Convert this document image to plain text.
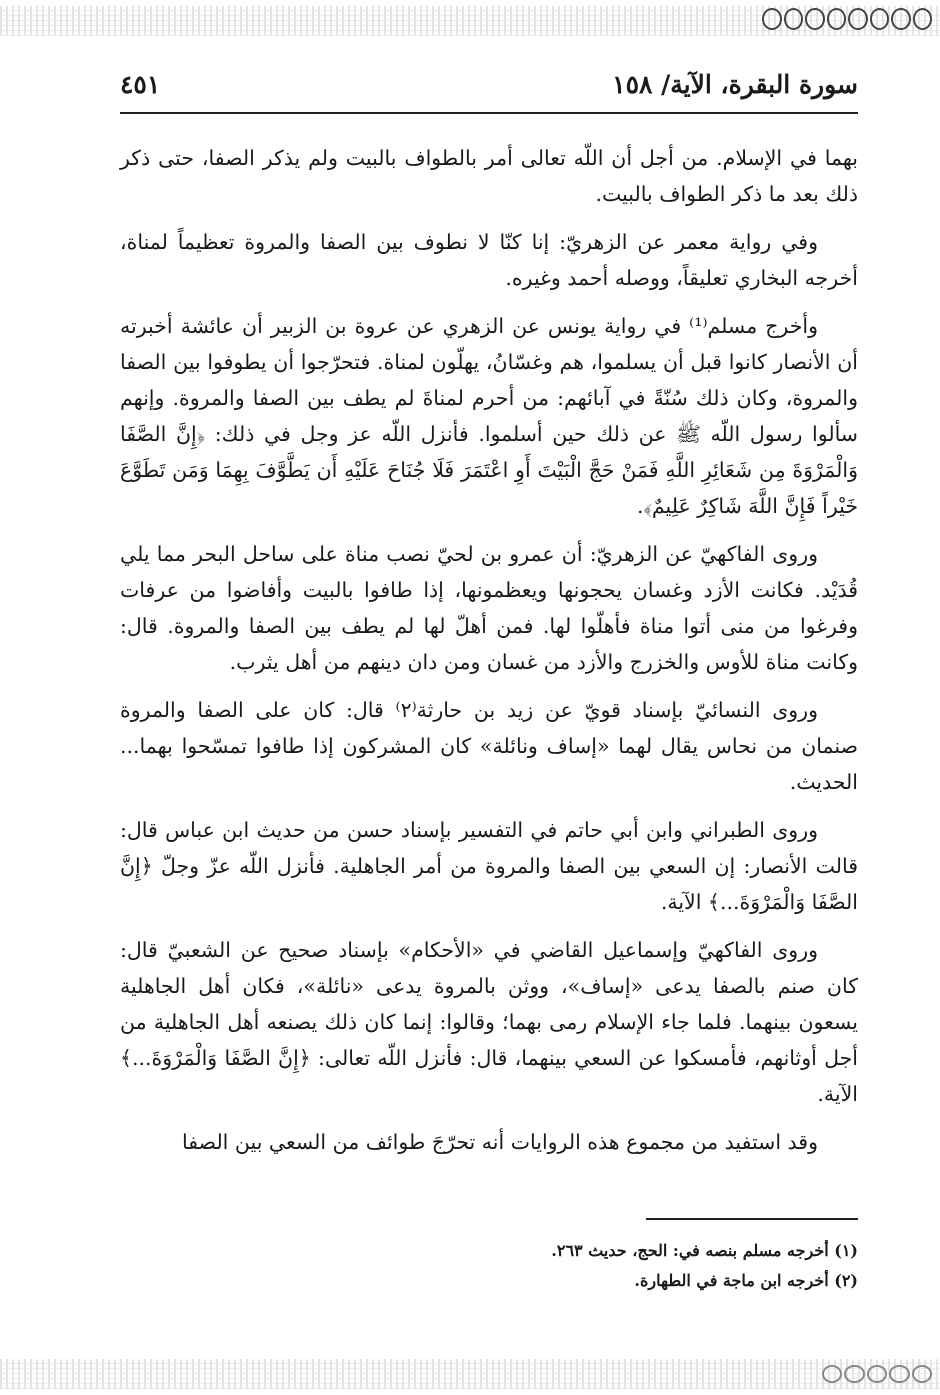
سورة البقرة، الآية/ ١٥٨
٤٥١

بهما في الإسلام. من أجل أن اللّه تعالى أمر بالطواف بالبيت ولم يذكر الصفا، حتى ذكر ذلك بعد ما ذكر الطواف بالبيت.

وفي رواية معمر عن الزهريّ: إنا كنّا لا نطوف بين الصفا والمروة تعظيماً لمناة، أخرجه البخاري تعليقاً، ووصله أحمد وغيره.

وأخرج مسلم⁽¹⁾ في رواية يونس عن الزهري عن عروة بن الزبير أن عائشة أخبرته أن الأنصار كانوا قبل أن يسلموا، هم وغسّانُ، يهلّون لمناة. فتحرّجوا أن يطوفوا بين الصفا والمروة، وكان ذلك سُنّةً في آبائهم: من أحرم لمناةَ لم يطف بين الصفا والمروة. وإنهم سألوا رسول اللّه ﷺ عن ذلك حين أسلموا. فأنزل اللّه عز وجل في ذلك: ﴿إِنَّ الصَّفَا وَالْمَرْوَةَ مِن شَعَائِرِ اللَّهِ فَمَنْ حَجَّ الْبَيْتَ أَوِ اعْتَمَرَ فَلَا جُنَاحَ عَلَيْهِ أَن يَطَّوَّفَ بِهِمَا وَمَن تَطَوَّعَ خَيْراً فَإِنَّ اللَّهَ شَاكِرٌ عَلِيمٌ﴾.

وروى الفاكهيّ عن الزهريّ: أن عمرو بن لحيّ نصب مناة على ساحل البحر مما يلي قُدَيْد. فكانت الأزد وغسان يحجونها ويعظمونها، إذا طافوا بالبيت وأفاضوا من عرفات وفرغوا من منى أتوا مناة فأهلّوا لها. فمن أهلّ لها لم يطف بين الصفا والمروة. قال: وكانت مناة للأوس والخزرج والأزد من غسان ومن دان دينهم من أهل يثرب.

وروى النسائيّ بإسناد قويّ عن زيد بن حارثة⁽٢⁾ قال: كان على الصفا والمروة صنمان من نحاس يقال لهما «إساف ونائلة» كان المشركون إذا طافوا تمسّحوا بهما... الحديث.

وروى الطبراني وابن أبي حاتم في التفسير بإسناد حسن من حديث ابن عباس قال: قالت الأنصار: إن السعي بين الصفا والمروة من أمر الجاهلية. فأنزل اللّه عزّ وجلّ ﴿إِنَّ الصَّفَا وَالْمَرْوَةَ...﴾ الآية.

وروى الفاكهيّ وإسماعيل القاضي في «الأحكام» بإسناد صحيح عن الشعبيّ قال: كان صنم بالصفا يدعى «إساف»، ووثن بالمروة يدعى «نائلة»، فكان أهل الجاهلية يسعون بينهما. فلما جاء الإسلام رمى بهما؛ وقالوا: إنما كان ذلك يصنعه أهل الجاهلية من أجل أوثانهم، فأمسكوا عن السعي بينهما، قال: فأنزل اللّه تعالى: ﴿إِنَّ الصَّفَا وَالْمَرْوَةَ...﴾ الآية.

وقد استفيد من مجموع هذه الروايات أنه تحرّجَ طوائف من السعي بين الصفا

(١) أخرجه مسلم بنصه في: الحج، حديث ٢٦٣.

(٢) أخرجه ابن ماجة في الطهارة.
